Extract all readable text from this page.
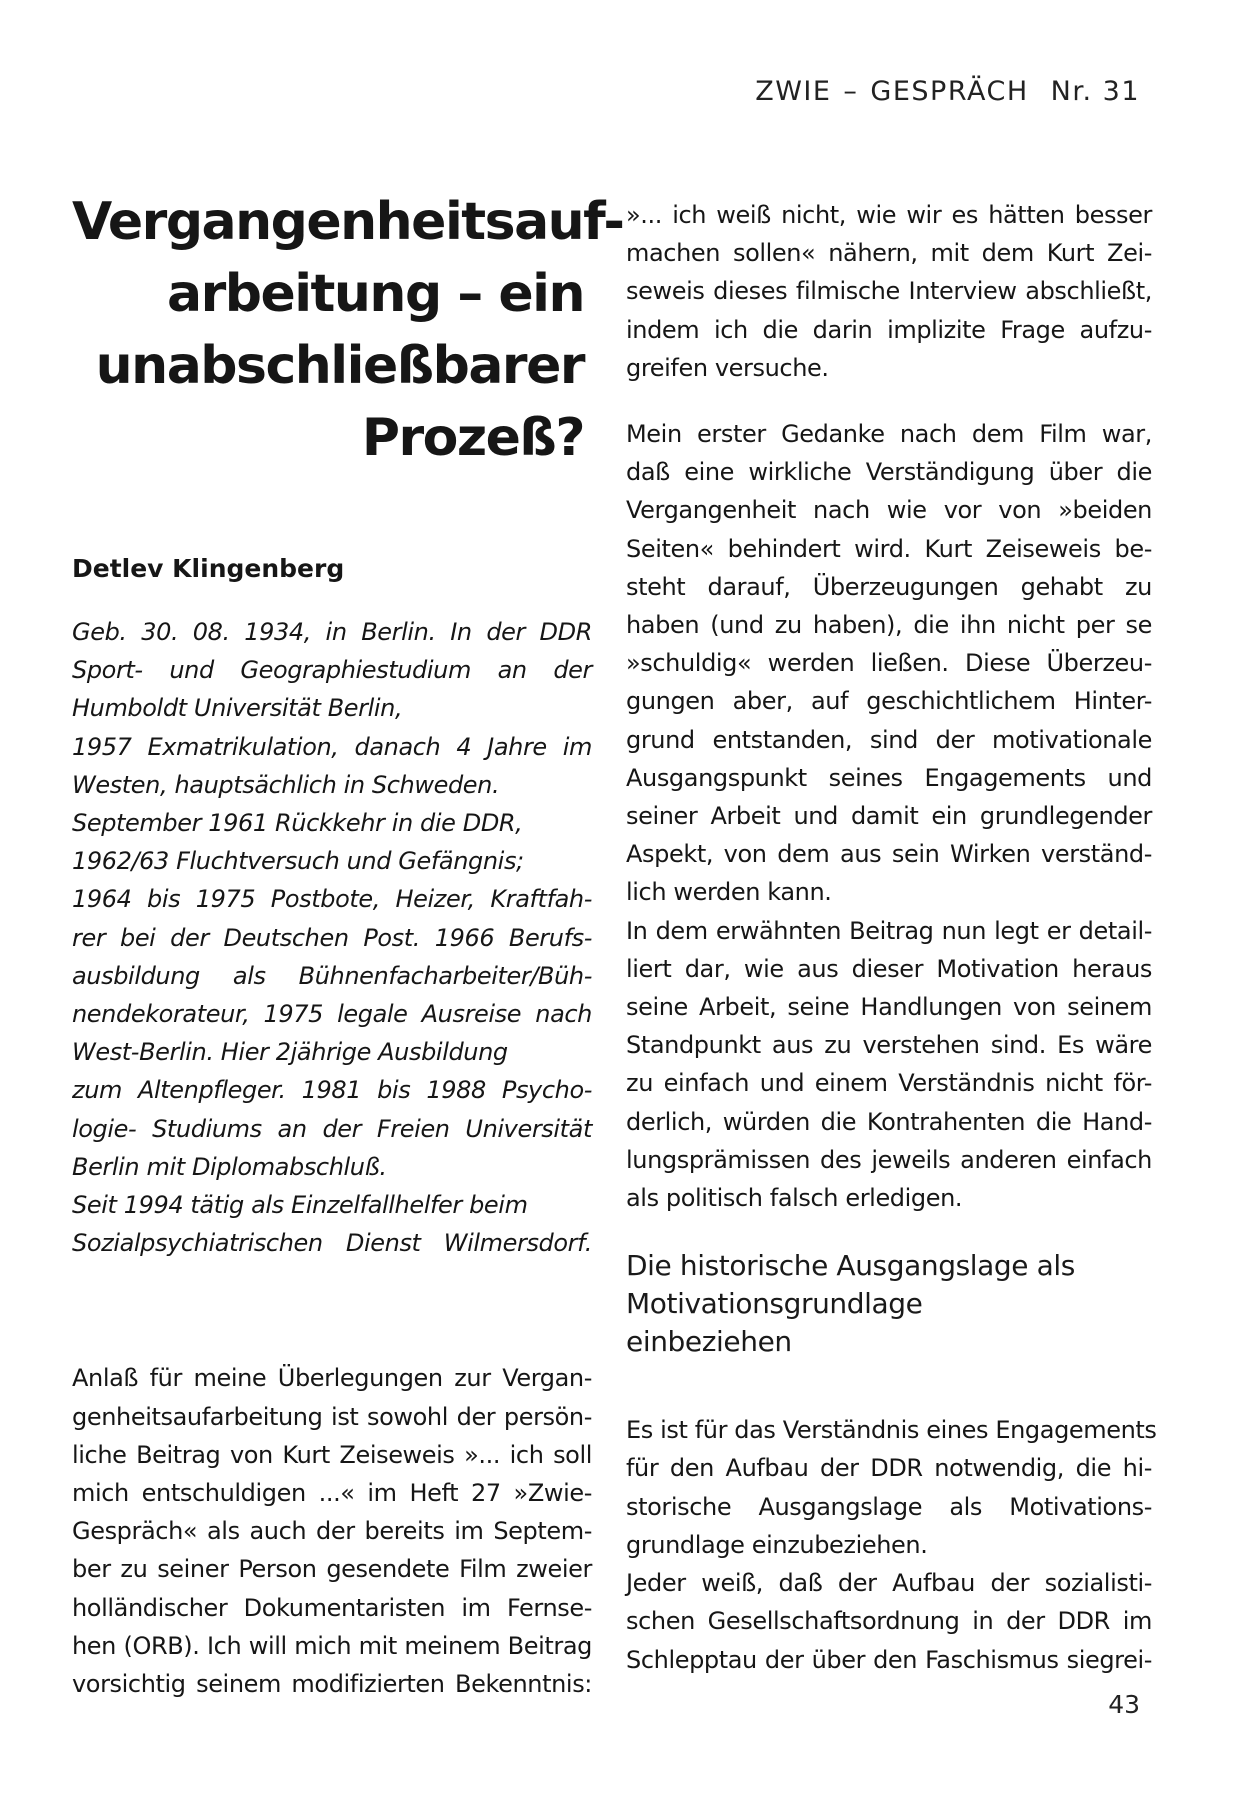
ZWIE – GESPRÄCH Nr. 31
Vergangenheitsauf-
arbeitung – ein
unabschließbarer
Prozeß?
Detlev Klingenberg
Geb. 30. 08. 1934, in Berlin. In der DDR
Sport- und Geographiestudium an der
Humboldt Universität Berlin,
1957 Exmatrikulation, danach 4 Jahre im
Westen, hauptsächlich in Schweden.
September 1961 Rückkehr in die DDR,
1962/63 Fluchtversuch und Gefängnis;
1964 bis 1975 Postbote, Heizer, Kraftfah-
rer bei der Deutschen Post. 1966 Berufs-
ausbildung als Bühnenfacharbeiter/Büh-
nendekorateur, 1975 legale Ausreise nach
West-Berlin. Hier 2jährige Ausbildung
zum Altenpfleger. 1981 bis 1988 Psycho-
logie- Studiums an der Freien Universität
Berlin mit Diplomabschluß.
Seit 1994 tätig als Einzelfallhelfer beim
Sozialpsychiatrischen Dienst Wilmersdorf.
Anlaß für meine Überlegungen zur Vergan-
genheitsaufarbeitung ist sowohl der persön-
liche Beitrag von Kurt Zeiseweis »... ich soll
mich entschuldigen ...« im Heft 27 »Zwie-
Gespräch« als auch der bereits im Septem-
ber zu seiner Person gesendete Film zweier
holländischer Dokumentaristen im Fernse-
hen (ORB). Ich will mich mit meinem Beitrag
vorsichtig seinem modifizierten Bekenntnis:
»... ich weiß nicht, wie wir es hätten besser
machen sollen« nähern, mit dem Kurt Zei-
seweis dieses filmische Interview abschließt,
indem ich die darin implizite Frage aufzu-
greifen versuche.
Mein erster Gedanke nach dem Film war,
daß eine wirkliche Verständigung über die
Vergangenheit nach wie vor von »beiden
Seiten« behindert wird. Kurt Zeiseweis be-
steht darauf, Überzeugungen gehabt zu
haben (und zu haben), die ihn nicht per se
»schuldig« werden ließen. Diese Überzeu-
gungen aber, auf geschichtlichem Hinter-
grund entstanden, sind der motivationale
Ausgangspunkt seines Engagements und
seiner Arbeit und damit ein grundlegender
Aspekt, von dem aus sein Wirken verständ-
lich werden kann.
In dem erwähnten Beitrag nun legt er detail-
liert dar, wie aus dieser Motivation heraus
seine Arbeit, seine Handlungen von seinem
Standpunkt aus zu verstehen sind. Es wäre
zu einfach und einem Verständnis nicht för-
derlich, würden die Kontrahenten die Hand-
lungsprämissen des jeweils anderen einfach
als politisch falsch erledigen.
Die historische Ausgangslage als
Motivationsgrundlage
einbeziehen
Es ist für das Verständnis eines Engagements
für den Aufbau der DDR notwendig, die hi-
storische Ausgangslage als Motivations-
grundlage einzubeziehen.
Jeder weiß, daß der Aufbau der sozialisti-
schen Gesellschaftsordnung in der DDR im
Schlepptau der über den Faschismus siegrei-
43
